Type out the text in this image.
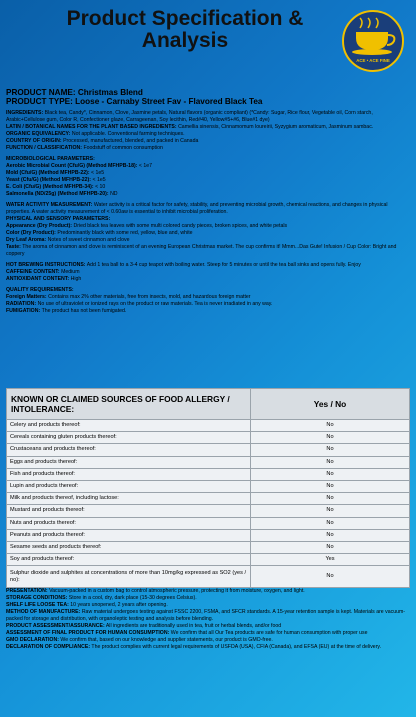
Product Specification & Analysis
ACE • ACE FINE
PRODUCT NAME: Christmas Blend
PRODUCT TYPE: Loose - Carnaby Street Fav - Flavored Black Tea

INGREDIENTS: Black tea, Candy*, Cinnamon, Clove, Jasmine petals, Natural flavors (organic compliant) (*Candy: Sugar, Rice flour, Vegetable oil, Corn starch, Arabic+Cellulose gum, Color R, Confectioner glaze, Carrageenan, Soy lecithin, Red#40, Yellow#5+#6, Blue#1 dye)

LATIN / BOTANICAL NAMES FOR THE PLANT BASED INGREDIENTS: Camellia sinensis, Cinnamomum loureirii, Syzygium aromaticum, Jasminum sambac.

ORGANIC EQUIVALENCY: Not applicable. Conventional farming techniques.

COUNTRY OF ORIGIN: Processed, manufactured, blended, and packed in Canada

FUNCTION / CLASSIFICATION: Foodstuff of common consumption

MICROBIOLOGICAL PARAMETERS:

Aerobic Microbial Count (Cfu/G) (Method MFHPB-18): < 1e7

Mold (Cfu/G) (Method MFHPB-22): < 1e5

Yeast (Cfu/G) (Method MFHPB-22): < 1e5

E. Coli (Cfu/G) (Method MFHPB-34): < 10

Salmonella (ND/25g) (Method MFHPB-20): ND

WATER ACTIVITY MEASUREMENT: Water activity is a critical factor for safety, stability, and preventing microbial growth, chemical reactions, and changes in physical properties. A water activity measurement of < 0.60aw is essential to inhibit microbial proliferation.

PHYSICAL AND SENSORY PARAMETERS:

Appearance (Dry Product): Dried black tea leaves with some multi colored candy pieces, broken spices, and white petals

Color (Dry Product): Predominantly black with some red, yellow, blue and, white

Dry Leaf Aroma: Notes of sweet cinnamon and clove

Taste: The aroma of cinnamon and clove is reminiscent of an evening European Christmas market. The cup confirms it! Mmm...Das Gute! Infusion / Cup Color: Bright and coppery

HOT BREWING INSTRUCTIONS: Add 1 tea ball to a 3-4 cup teapot with boiling water. Steep for 5 minutes or until the tea ball sinks and opens fully. Enjoy

CAFFEINE CONTENT: Medium

ANTIOXIDANT CONTENT: High

QUALITY REQUIREMENTS:

Foreign Matters: Contains max 2% other materials, free from insects, mold, and hazardous foreign matter

RADIATION: No use of ultraviolet or ionized rays on the product or raw materials. Tea is never irradiated in any way.

FUMIGATION: The product has not been fumigated.

KNOWN OR CLAIMED SOURCES OF FOOD ALLERGY / INTOLERANCE:	Yes / No
Celery and products thereof:	No
Cereals containing gluten products thereof:	No
Crustaceans and products thereof:	No
Eggs and products thereof:	No
Fish and products thereof:	No
Lupin and products thereof:	No
Milk and products thereof, including lactose:	No
Mustard and products thereof:	No
Nuts and products thereof:	No
Peanuts and products thereof:	No
Sesame seeds and products thereof:	No
Soy and products thereof:	Yes
Sulphur dioxide and sulphites at concentrations of more than 10mg/kg expressed as SO2 (yes / no):	No

PRESENTATION: Vacuum-packed in a custom bag to control atmospheric pressure, protecting it from moisture, oxygen, and light.

STORAGE CONDITIONS: Store in a cool, dry, dark place (15-30 degrees Celsius).

SHELF LIFE LOOSE TEA: 10 years unopened, 2 years after opening.

METHOD OF MANUFACTURE: Raw material undergoes testing against FSSC 2200, FSMA, and SFCR standards. A 15-year retention sample is kept. Materials are vacuum-packed for storage and distribution, with organoleptic testing and analysis before blending.

PRODUCT ASSESSMENT/ASSURANCE: All ingredients are traditionally used in tea, fruit or herbal blends, and/or food

ASSESSMENT OF FINAL PRODUCT FOR HUMAN CONSUMPTION: We confirm that all Our Tea products are safe for human consumption with proper use

GMO DECLARATION: We confirm that, based on our knowledge and supplier statements, our product is GMO-free.

DECLARATION OF COMPLIANCE: The product complies with current legal requirements of USFDA (USA), CFIA (Canada), and EFSA (EU) at the time of delivery.
